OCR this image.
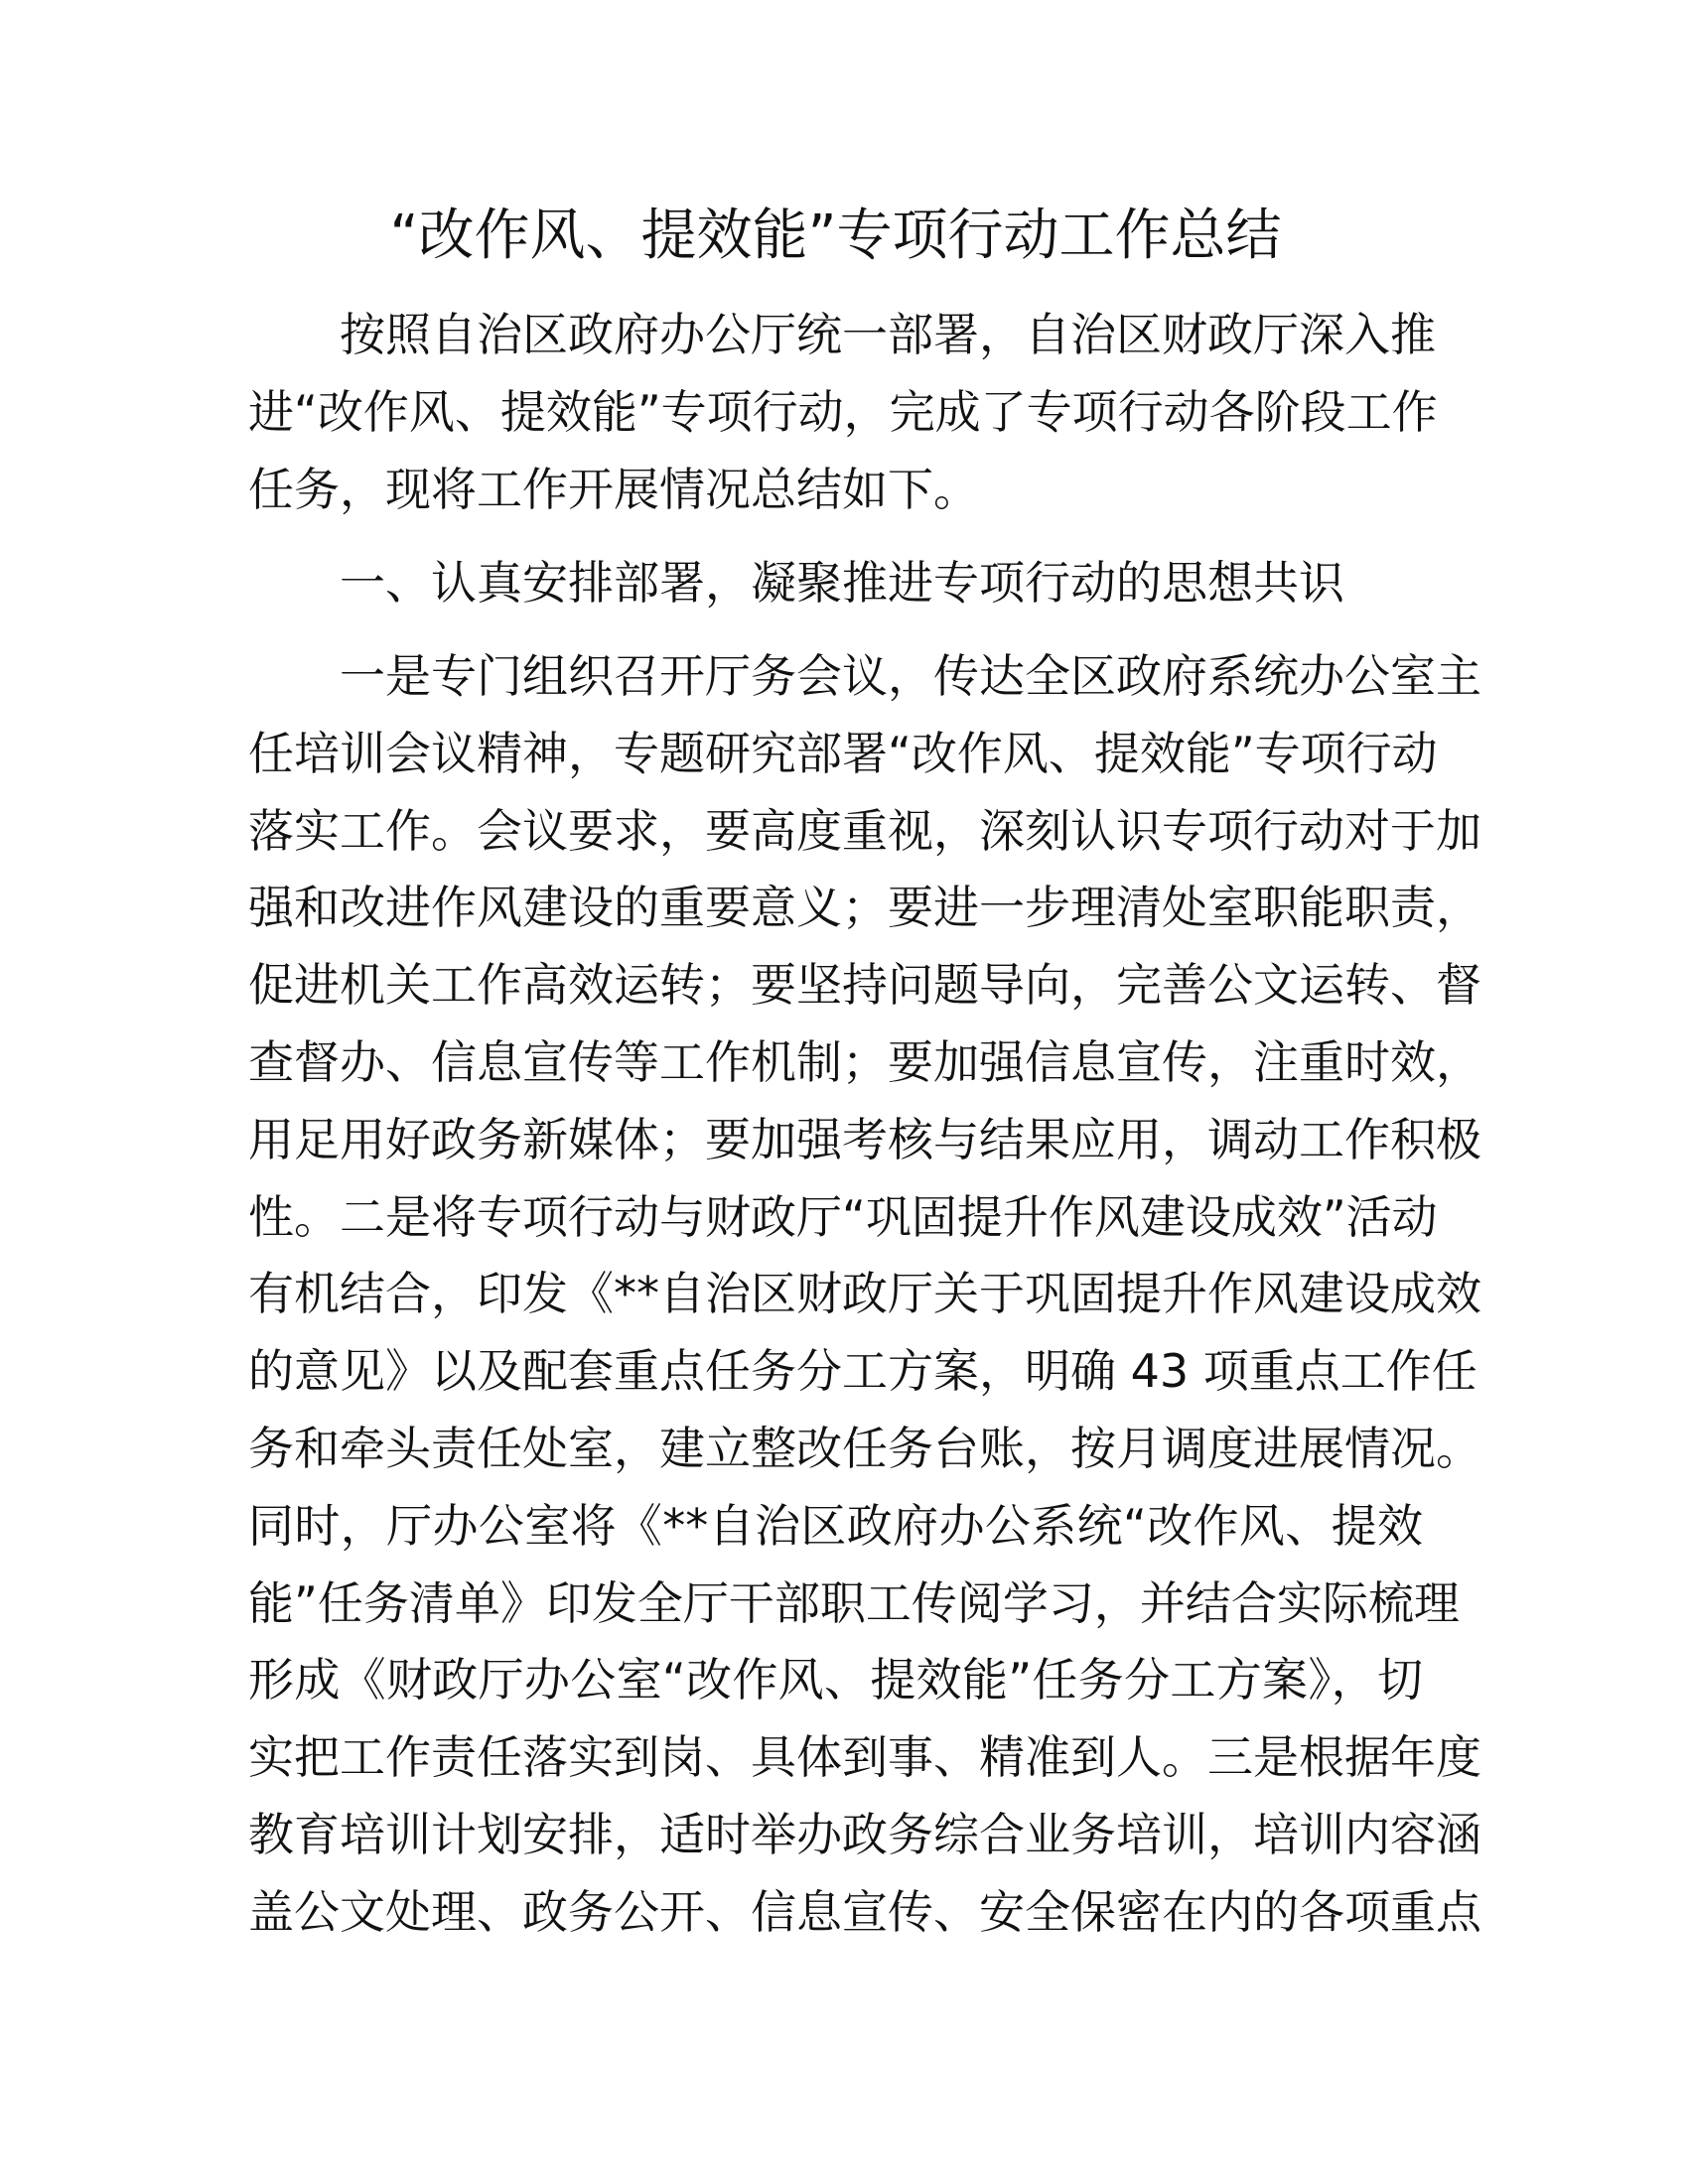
“改作风、提效能”专项行动工作总结
按照自治区政府办公厅统一部署，自治区财政厅深入推
进“改作风、提效能”专项行动，完成了专项行动各阶段工作
任务，现将工作开展情况总结如下。
一、认真安排部署，凝聚推进专项行动的思想共识
一是专门组织召开厅务会议，传达全区政府系统办公室主
任培训会议精神，专题研究部署“改作风、提效能”专项行动
落实工作。会议要求，要高度重视，深刻认识专项行动对于加
强和改进作风建设的重要意义；要进一步理清处室职能职责，
促进机关工作高效运转；要坚持问题导向，完善公文运转、督
查督办、信息宣传等工作机制；要加强信息宣传，注重时效，
用足用好政务新媒体；要加强考核与结果应用，调动工作积极
性。二是将专项行动与财政厅“巩固提升作风建设成效”活动
有机结合，印发《**自治区财政厅关于巩固提升作风建设成效
的意见》以及配套重点任务分工方案，明确 43 项重点工作任
务和牵头责任处室，建立整改任务台账，按月调度进展情况。
同时，厅办公室将《**自治区政府办公系统“改作风、提效
能”任务清单》印发全厅干部职工传阅学习，并结合实际梳理
形成《财政厅办公室“改作风、提效能”任务分工方案》，切
实把工作责任落实到岗、具体到事、精准到人。三是根据年度
教育培训计划安排，适时举办政务综合业务培训，培训内容涵
盖公文处理、政务公开、信息宣传、安全保密在内的各项重点
